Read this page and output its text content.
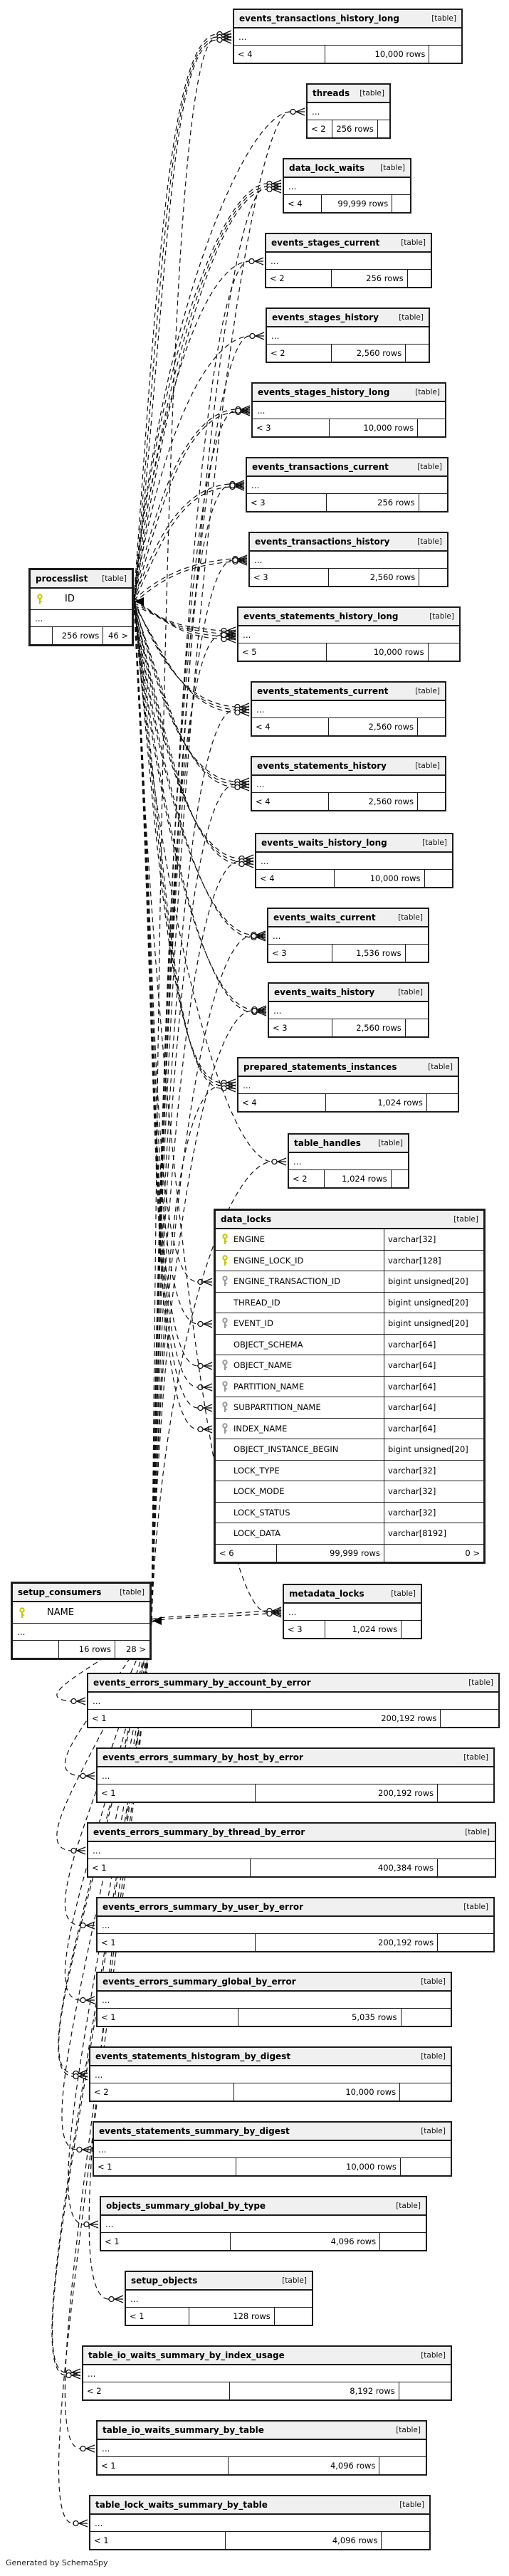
Generated by SchemaSpy
events_transactions_history_long	[table]
...
< 4	10,000 rows
threads [table]
...
< 2	256 rows
data_lock_waits [table]
...
< 4	99,999 rows
events_stages_current	[table]
...
< 2	256 rows
events_stages_history	[table]
...
< 2	2,560 rows
events_stages_history_long	[table]
...
< 3	10,000 rows
events_transactions_current	[table]
...
< 3	256 rows
events_transactions_history	[table]
...
< 3	2,560 rows
events_statements_history_long	[table]
...
< 5	10,000 rows
events_statements_current	[table]
...
< 4	2,560 rows
events_statements_history	[table]
...
< 4	2,560 rows
events_waits_history_long	[table]
...
< 4	10,000 rows
events_waits_current	[table]
...
< 3	1,536 rows
events_waits_history	[table]
...
< 3	2,560 rows
prepared_statements_instances	[table]
...
< 4	1,024 rows
table_handles [table]
...
< 2	1,024 rows
data_locks	[table]
ENGINE	varchar[32]
ENGINE_LOCK_ID	varchar[128]
ENGINE_TRANSACTION_ID	bigint unsigned[20]
THREAD_ID	bigint unsigned[20]
EVENT_ID	bigint unsigned[20]
OBJECT_SCHEMA	varchar[64]
OBJECT_NAME	varchar[64]
PARTITION_NAME	varchar[64]
SUBPARTITION_NAME	varchar[64]
INDEX_NAME	varchar[64]
OBJECT_INSTANCE_BEGIN	bigint unsigned[20]
LOCK_TYPE	varchar[32]
LOCK_MODE	varchar[32]
LOCK_STATUS	varchar[32]
LOCK_DATA	varchar[8192]
< 6	99,999 rows	0 >
metadata_locks	[table]
...
< 3	1,024 rows
processlist [table]
ID
...
256 rows	46 >
setup_consumers [table]
NAME
...
16 rows	28 >
events_errors_summary_by_account_by_error	[table]
...
< 1	200,192 rows
events_errors_summary_by_host_by_error	[table]
...
< 1	200,192 rows
events_errors_summary_by_thread_by_error	[table]
...
< 1	400,384 rows
events_errors_summary_by_user_by_error	[table]
...
< 1	200,192 rows
events_errors_summary_global_by_error	[table]
...
< 1	5,035 rows
events_statements_histogram_by_digest	[table]
...
< 2	10,000 rows
events_statements_summary_by_digest	[table]
...
< 1	10,000 rows
objects_summary_global_by_type	[table]
...
< 1	4,096 rows
setup_objects	[table]
...
< 1	128 rows
table_io_waits_summary_by_index_usage	[table]
...
< 2	8,192 rows
table_io_waits_summary_by_table	[table]
...
< 1	4,096 rows
table_lock_waits_summary_by_table	[table]
...
< 1	4,096 rows
